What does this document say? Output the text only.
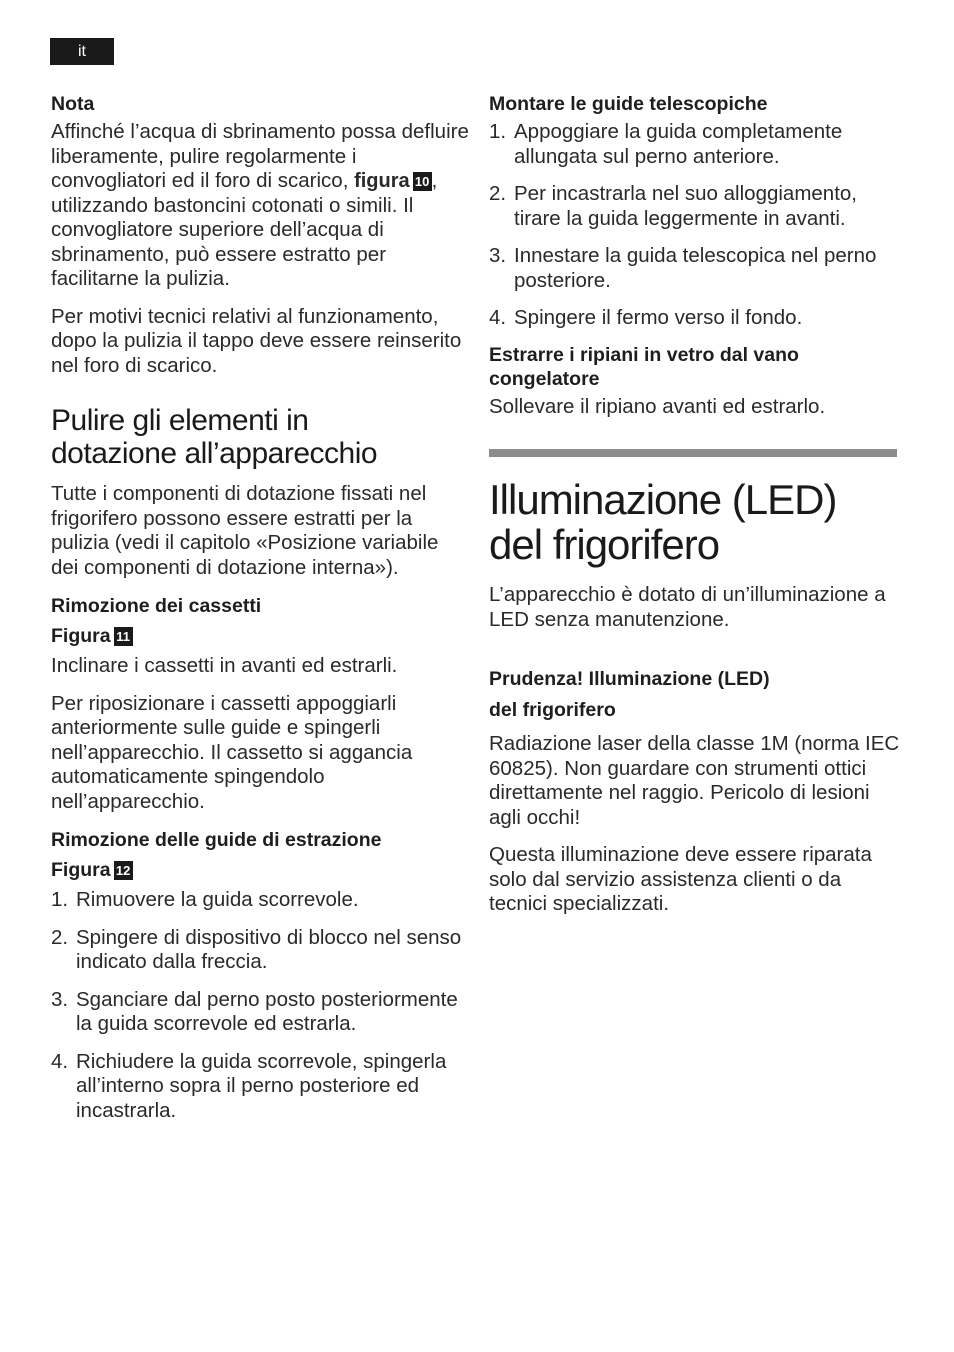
it

Nota

Affinché l’acqua di sbrinamento possa defluire liberamente, pulire regolarmente i convogliatori ed il foro di scarico, figura 10 , utilizzando bastoncini cotonati o simili. Il convogliatore superiore dell’acqua di sbrinamento, può essere estratto per facilitarne la pulizia.

Per motivi tecnici relativi al funzionamento, dopo la pulizia il tappo deve essere reinserito nel foro di scarico.

Pulire gli elementi in
dotazione all’apparecchio

Tutte i componenti di dotazione fissati nel frigorifero possono essere estratti per la pulizia (vedi il capitolo «Posizione variabile dei componenti di dotazione interna»).

Rimozione dei cassetti

Figura 11

Inclinare i cassetti in avanti ed estrarli.

Per riposizionare i cassetti appoggiarli anteriormente sulle guide e spingerli nell’apparecchio. Il cassetto si aggancia automaticamente spingendolo nell’apparecchio.

Rimozione delle guide di estrazione

Figura 12

1. Rimuovere la guida scorrevole.
2. Spingere di dispositivo di blocco nel senso indicato dalla freccia.
3. Sganciare dal perno posto posteriormente la guida scorrevole ed estrarla.
4. Richiudere la guida scorrevole, spingerla all’interno sopra il perno posteriore ed incastrarla.

Montare le guide telescopiche

1. Appoggiare la guida completamente allungata sul perno anteriore.
2. Per incastrarla nel suo alloggiamento, tirare la guida leggermente in avanti.
3. Innestare la guida telescopica nel perno posteriore.
4. Spingere il fermo verso il fondo.

Estrarre i ripiani in vetro dal vano congelatore

Sollevare il ripiano avanti ed estrarlo.

Illuminazione (LED)
del frigorifero

L’apparecchio è dotato di un’illuminazione a LED senza manutenzione.

Prudenza! Illuminazione (LED)
del frigorifero

Radiazione laser della classe 1M (norma IEC 60825). Non guardare con strumenti ottici direttamente nel raggio. Pericolo di lesioni agli occhi!

Questa illuminazione deve essere riparata solo dal servizio assistenza clienti o da tecnici specializzati.
